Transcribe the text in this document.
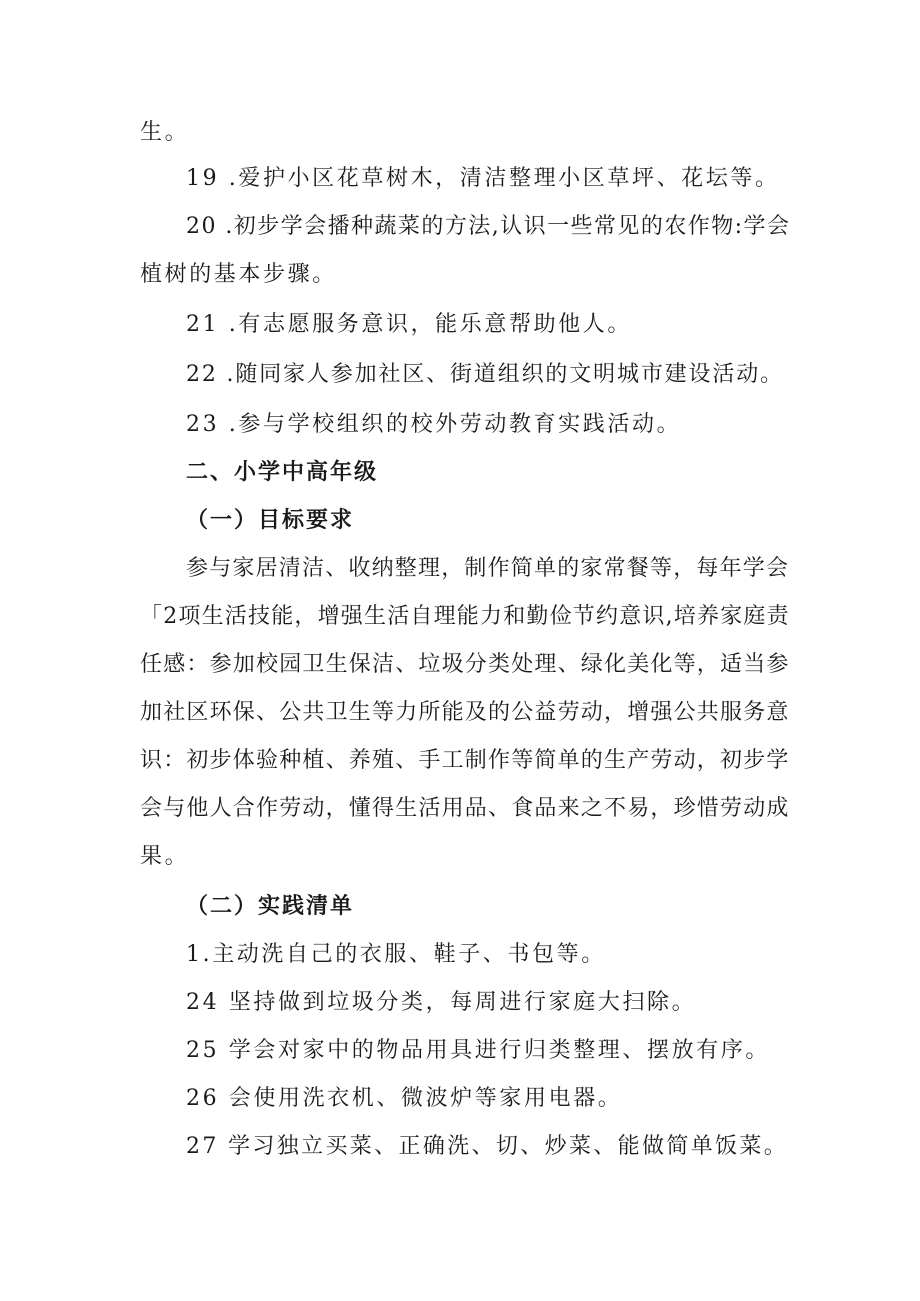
生。
19 .爱护小区花草树木，清洁整理小区草坪、花坛等。
20 .初步学会播种蔬菜的方法,认识一些常见的农作物:学会
植树的基本步骤。
21 .有志愿服务意识，能乐意帮助他人。
22 .随同家人参加社区、街道组织的文明城市建设活动。
23 .参与学校组织的校外劳动教育实践活动。
二、小学中高年级
（一）目标要求
参与家居清洁、收纳整理，制作简单的家常餐等，每年学会
「2项生活技能，增强生活自理能力和勤俭节约意识,培养家庭责
任感：参加校园卫生保洁、垃圾分类处理、绿化美化等，适当参
加社区环保、公共卫生等力所能及的公益劳动，增强公共服务意
识：初步体验种植、养殖、手工制作等简单的生产劳动，初步学
会与他人合作劳动，懂得生活用品、食品来之不易，珍惜劳动成
果。
（二）实践清单
1.主动洗自己的衣服、鞋子、书包等。
24 坚持做到垃圾分类，每周进行家庭大扫除。
25 学会对家中的物品用具进行归类整理、摆放有序。
26 会使用洗衣机、微波炉等家用电器。
27 学习独立买菜、正确洗、切、炒菜、能做简单饭菜。
